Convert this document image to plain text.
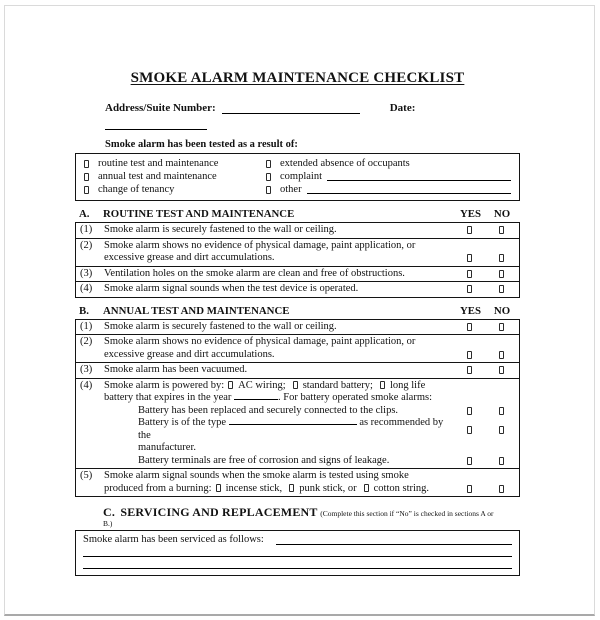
SMOKE ALARM MAINTENANCE CHECKLIST
Address/Suite Number:	Date:
Smoke alarm has been tested as a result of:
routine test and maintenance	extended absence of occupants
annual test and maintenance	complaint
change of tenancy	other
A.	ROUTINE TEST AND MAINTENANCE	YES	NO
(1)	Smoke alarm is securely fastened to the wall or ceiling.
(2)	Smoke alarm shows no evidence of physical damage, paint application, or
excessive grease and dirt accumulations.
(3)	Ventilation holes on the smoke alarm are clean and free of obstructions.
(4)	Smoke alarm signal sounds when the test device is operated.
B.	ANNUAL TEST AND MAINTENANCE	YES	NO
(1)	Smoke alarm is securely fastened to the wall or ceiling.
(2)	Smoke alarm shows no evidence of physical damage, paint application, or
excessive grease and dirt accumulations.
(3)	Smoke alarm has been vacuumed.
(4)	Smoke alarm is powered by: AC wiring; standard battery; long life
battery that expires in the year	. For battery operated smoke alarms:
Battery has been replaced and securely connected to the clips.
Battery is of the type	as recommended by the
manufacturer.
Battery terminals are free of corrosion and signs of leakage.
(5)	Smoke alarm signal sounds when the smoke alarm is tested using smoke
produced from a burning: incense stick, punk stick, or cotton string.
C. SERVICING AND REPLACEMENT (Complete this section if “No” is checked in sections A or
B.)
Smoke alarm has been serviced as follows:
